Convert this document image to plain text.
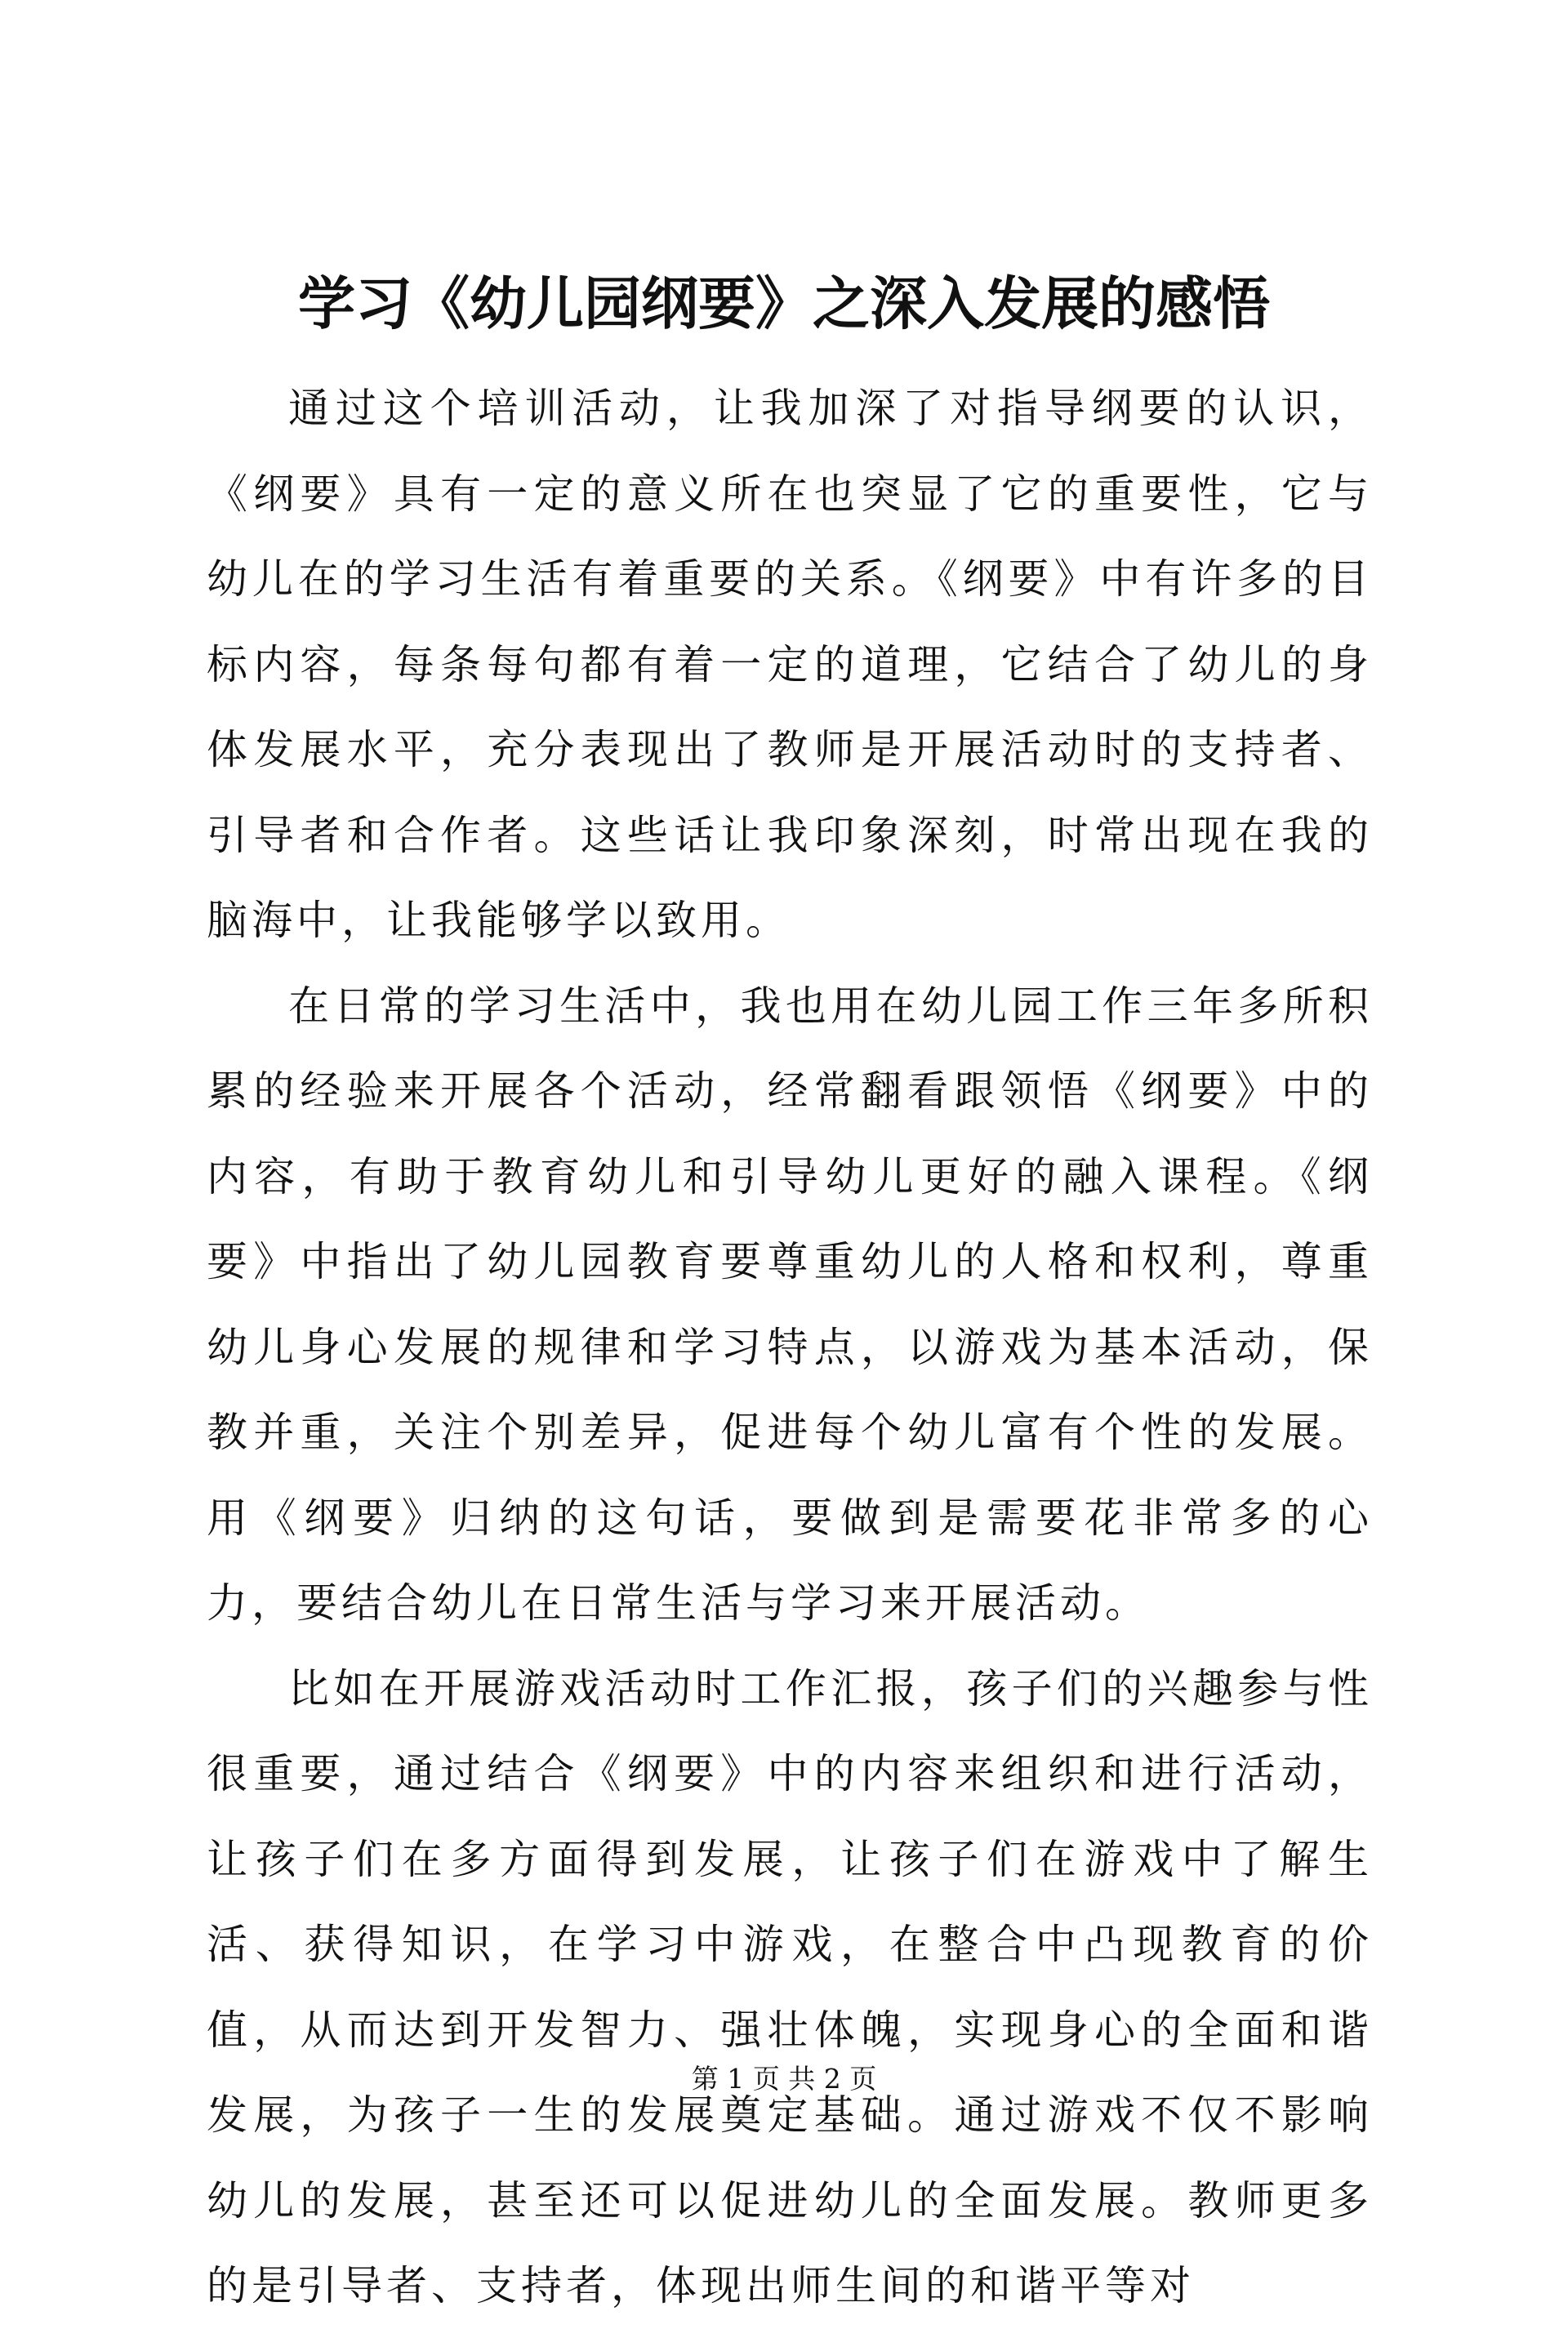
学习《幼儿园纲要》之深入发展的感悟

通过这个培训活动，让我加深了对指导纲要的认识，《纲要》具有一定的意义所在也突显了它的重要性，它与幼儿在的学习生活有着重要的关系。《纲要》中有许多的目标内容，每条每句都有着一定的道理，它结合了幼儿的身体发展水平，充分表现出了教师是开展活动时的支持者、引导者和合作者。这些话让我印象深刻，时常出现在我的脑海中，让我能够学以致用。

在日常的学习生活中，我也用在幼儿园工作三年多所积累的经验来开展各个活动，经常翻看跟领悟《纲要》中的内容，有助于教育幼儿和引导幼儿更好的融入课程。《纲要》中指出了幼儿园教育要尊重幼儿的人格和权利，尊重幼儿身心发展的规律和学习特点，以游戏为基本活动，保教并重，关注个别差异，促进每个幼儿富有个性的发展。用《纲要》归纳的这句话，要做到是需要花非常多的心力，要结合幼儿在日常生活与学习来开展活动。

比如在开展游戏活动时工作汇报，孩子们的兴趣参与性很重要，通过结合《纲要》中的内容来组织和进行活动，让孩子们在多方面得到发展，让孩子们在游戏中了解生活、获得知识，在学习中游戏，在整合中凸现教育的价值，从而达到开发智力、强壮体魄，实现身心的全面和谐发展，为孩子一生的发展奠定基础。通过游戏不仅不影响幼儿的发展，甚至还可以促进幼儿的全面发展。教师更多的是引导者、支持者，体现出师生间的和谐平等对

第 1 页 共 2 页
